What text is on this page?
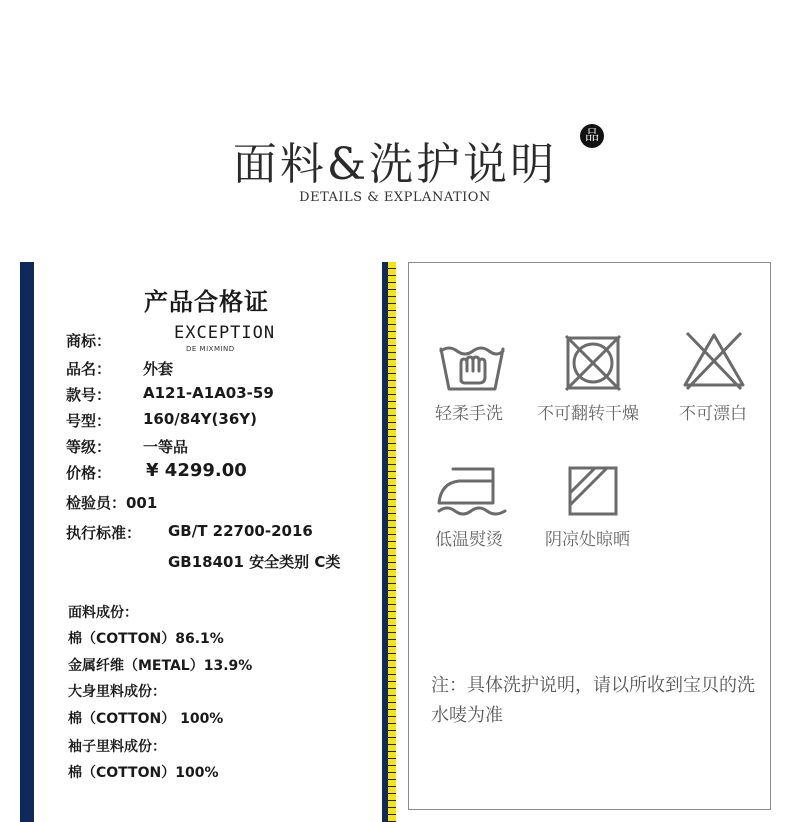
面料&洗护说明
品
DETAILS & EXPLANATION
产品合格证
商标：	EXCEPTION
DE MIXMIND
品名： 外套
款号： A121-A1A03-59
号型： 160/84Y(36Y)
等级： 一等品
价格： ¥ 4299.00
检验员：001
执行标准： GB/T 22700-2016
GB18401 安全类别 C类
面料成份：
棉（COTTON）86.1%
金属纤维（METAL）13.9%
大身里料成份：
棉（COTTON） 100%
袖子里料成份：
棉（COTTON）100%
轻柔手洗 不可翻转干燥 不可漂白
低温熨烫 阴凉处晾晒
注：具体洗护说明，请以所收到宝贝的洗水唛为准
